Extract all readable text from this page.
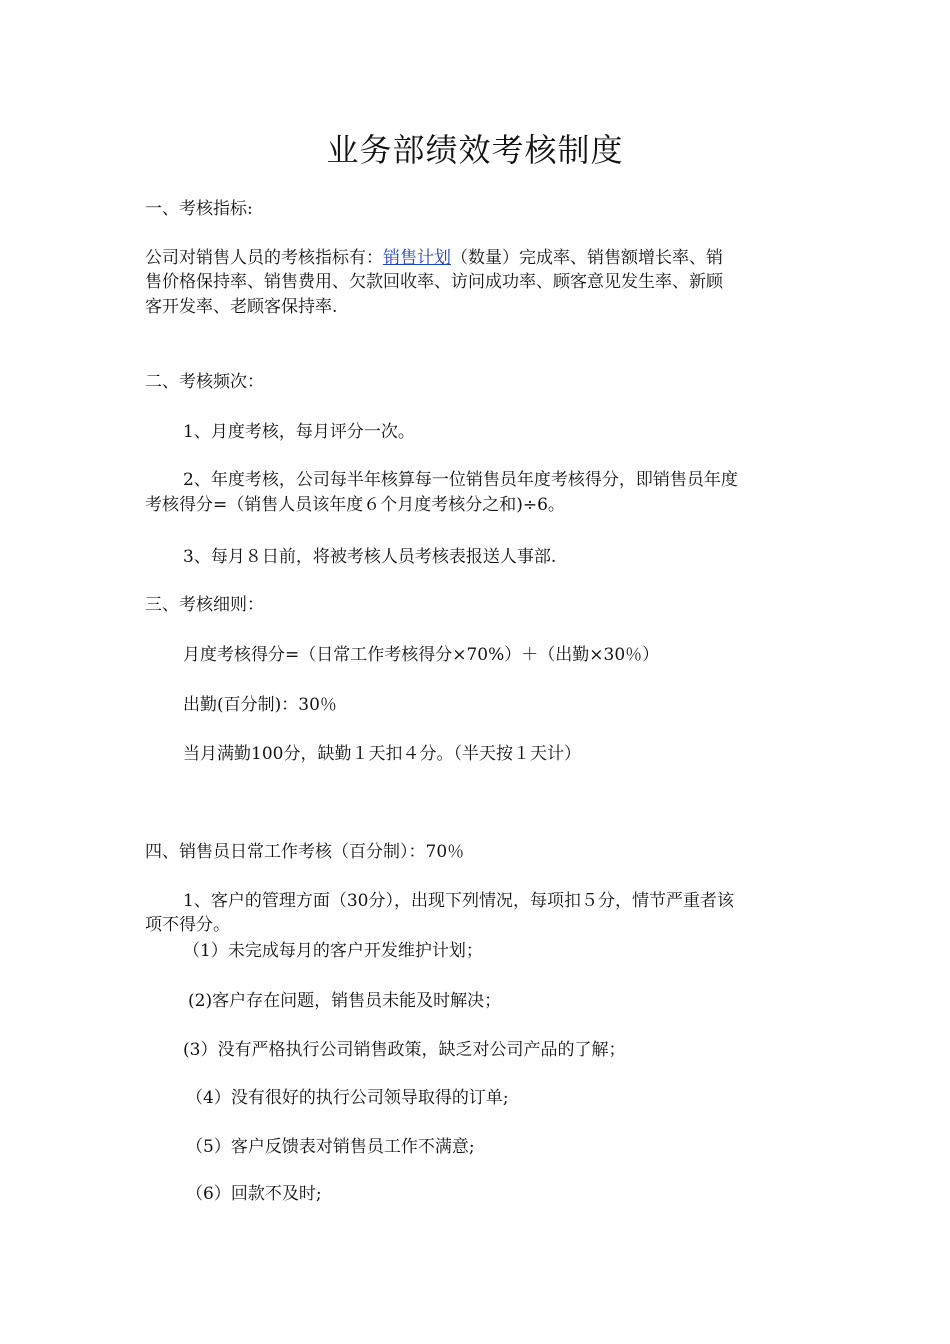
业务部绩效考核制度
一、考核指标:
公司对销售人员的考核指标有：销售计划（数量）完成率、销售额增长率、销
售价格保持率、销售费用、欠款回收率、访问成功率、顾客意见发生率、新顾
客开发率、老顾客保持率.
二、考核频次：
1、月度考核，每月评分一次。
2、年度考核，公司每半年核算每一位销售员年度考核得分，即销售员年度
考核得分=（销售人员该年度６个月度考核分之和)÷6。
3、每月８日前，将被考核人员考核表报送人事部.
三、考核细则：
月度考核得分=（日常工作考核得分×70%）＋（出勤×30％）
出勤(百分制)：30％
当月满勤100分，缺勤１天扣４分。（半天按１天计）
四、销售员日常工作考核（百分制）：70％
1、客户的管理方面（30分），出现下列情况，每项扣５分，情节严重者该
项不得分。
（1）未完成每月的客户开发维护计划；
(2)客户存在问题，销售员未能及时解决；
(3）没有严格执行公司销售政策，缺乏对公司产品的了解；
（4）没有很好的执行公司领导取得的订单;
（5）客户反馈表对销售员工作不满意;
（6）回款不及时;
